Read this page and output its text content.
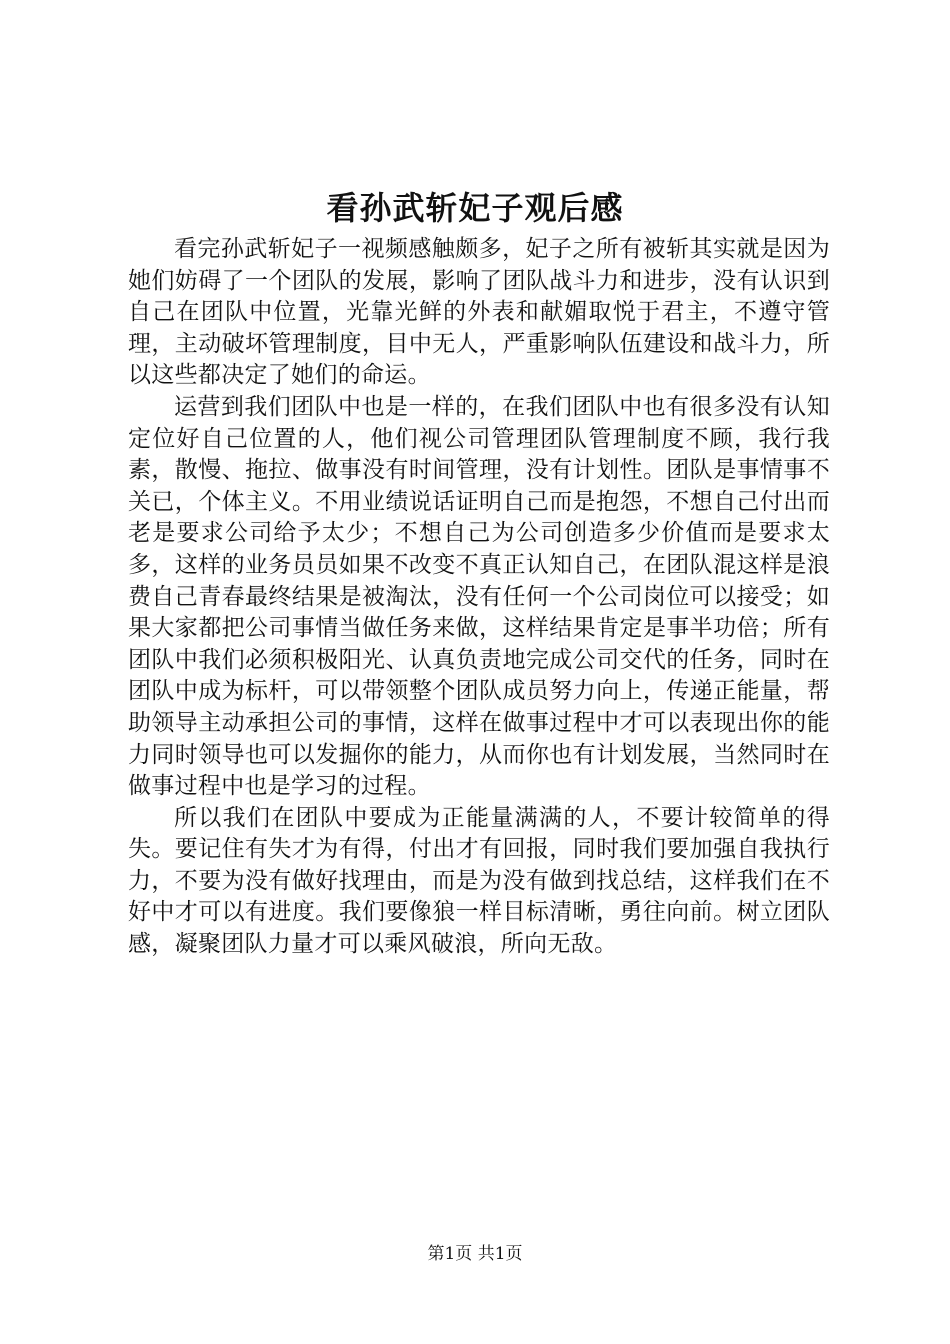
看孙武斩妃子观后感

看完孙武斩妃子一视频感触颇多，妃子之所有被斩其实就是因为她们妨碍了一个团队的发展，影响了团队战斗力和进步，没有认识到自己在团队中位置，光靠光鲜的外表和献媚取悦于君主，不遵守管理，主动破坏管理制度，目中无人，严重影响队伍建设和战斗力，所以这些都决定了她们的命运。

运营到我们团队中也是一样的，在我们团队中也有很多没有认知定位好自己位置的人，他们视公司管理团队管理制度不顾，我行我素，散慢、拖拉、做事没有时间管理，没有计划性。团队是事情事不关已，个体主义。不用业绩说话证明自己而是抱怨，不想自己付出而老是要求公司给予太少；不想自己为公司创造多少价值而是要求太多，这样的业务员员如果不改变不真正认知自己，在团队混这样是浪费自己青春最终结果是被淘汰，没有任何一个公司岗位可以接受；如果大家都把公司事情当做任务来做，这样结果肯定是事半功倍；所有团队中我们必须积极阳光、认真负责地完成公司交代的任务，同时在团队中成为标杆，可以带领整个团队成员努力向上，传递正能量，帮助领导主动承担公司的事情，这样在做事过程中才可以表现出你的能力同时领导也可以发掘你的能力，从而你也有计划发展，当然同时在做事过程中也是学习的过程。

所以我们在团队中要成为正能量满满的人，不要计较简单的得失。要记住有失才为有得，付出才有回报，同时我们要加强自我执行力，不要为没有做好找理由，而是为没有做到找总结，这样我们在不好中才可以有进度。我们要像狼一样目标清晰，勇往向前。树立团队感，凝聚团队力量才可以乘风破浪，所向无敌。

第1页 共1页
